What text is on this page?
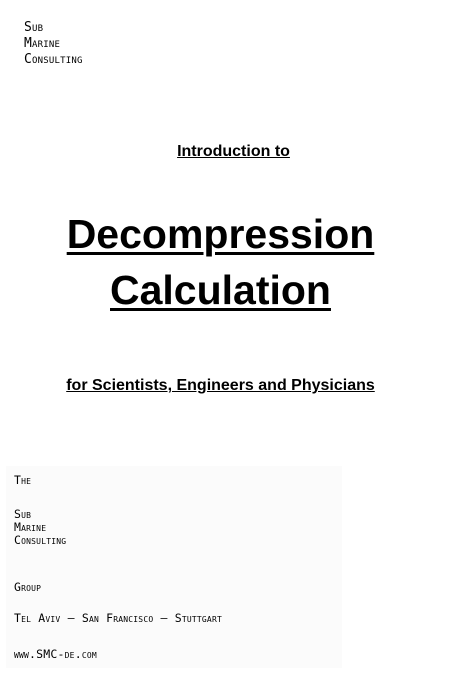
Sub
Marine
Consulting
Introduction to
Decompression
Calculation
for Scientists, Engineers and Physicians
The
Sub
Marine
Consulting
Group
Tel Aviv – San Francisco – Stuttgart
www.SMC-de.com
